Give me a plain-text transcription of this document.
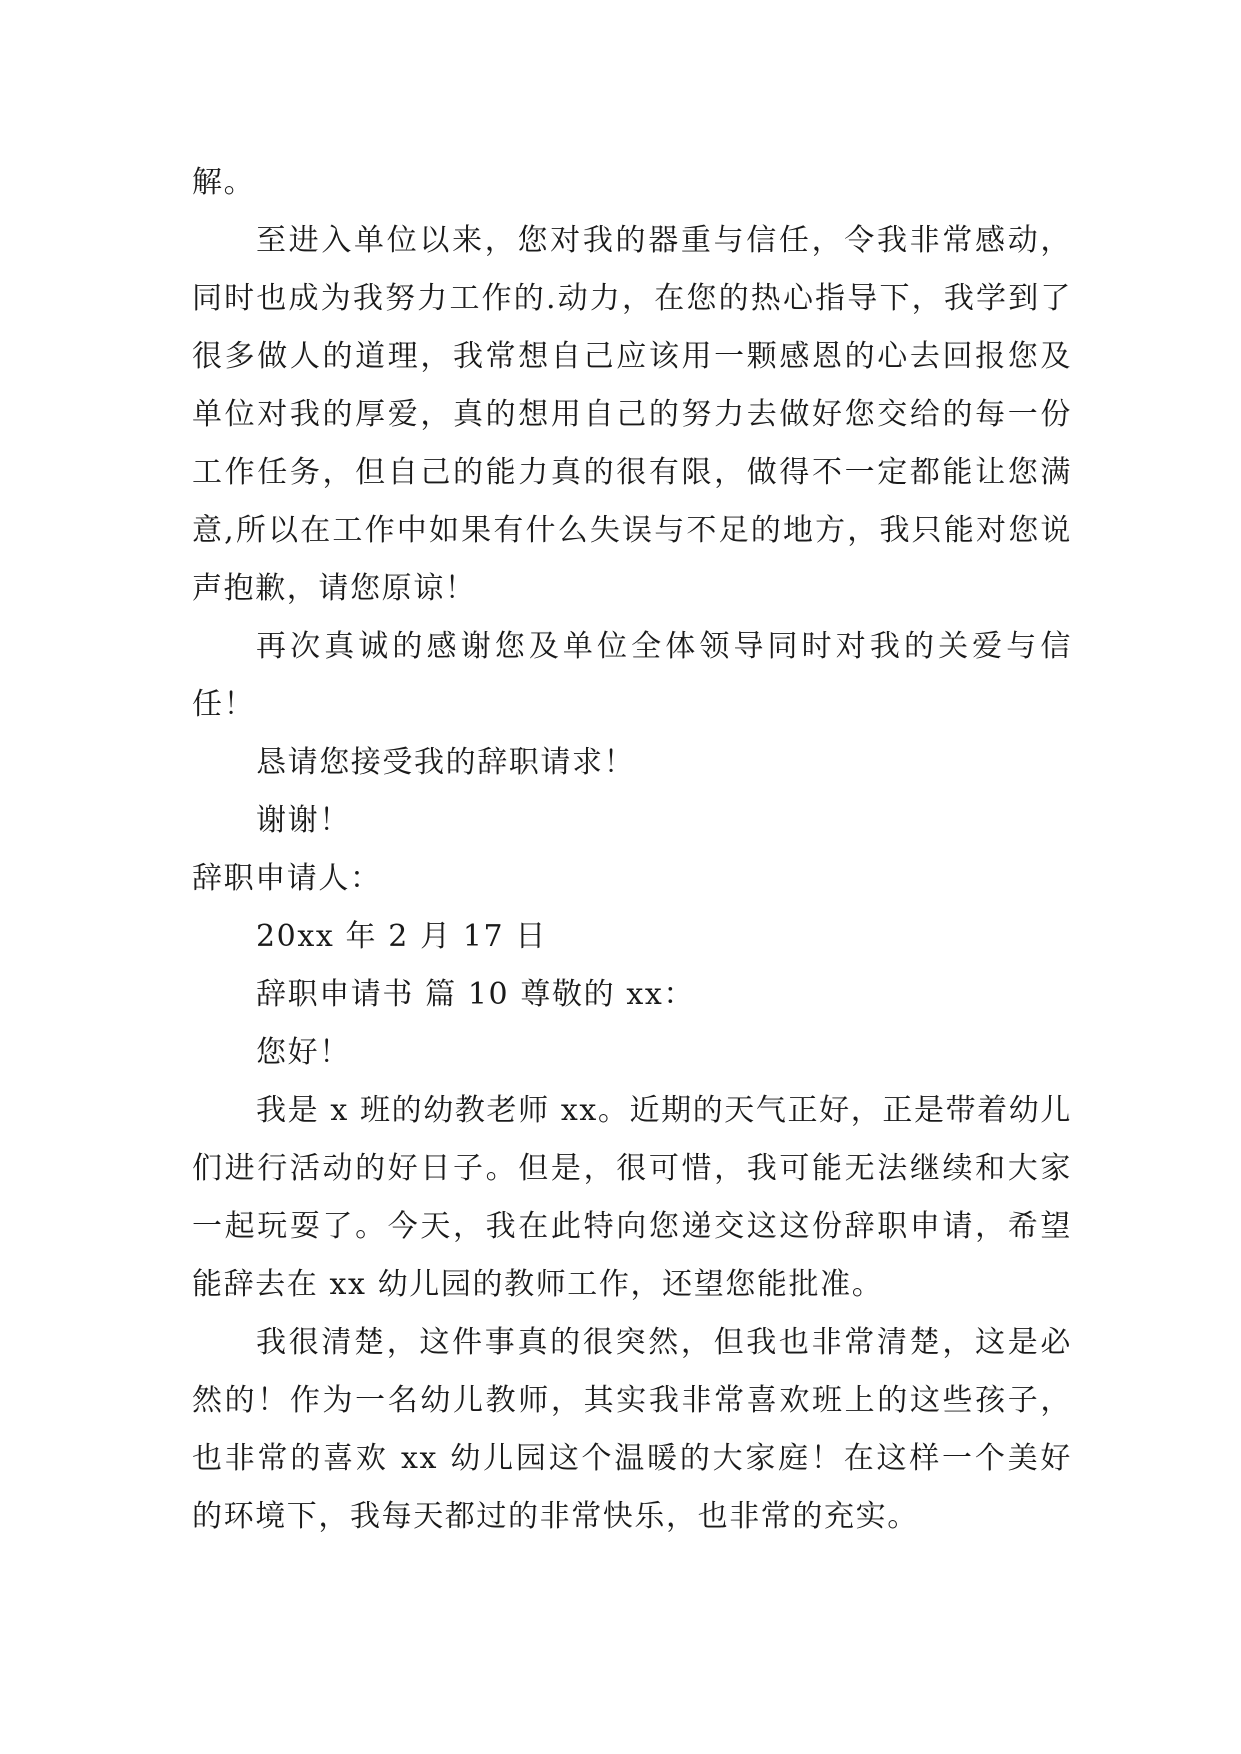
解。

至进入单位以来，您对我的器重与信任，令我非常感动，同时也成为我努力工作的.动力，在您的热心指导下，我学到了很多做人的道理，我常想自己应该用一颗感恩的心去回报您及单位对我的厚爱，真的想用自己的努力去做好您交给的每一份工作任务，但自己的能力真的很有限，做得不一定都能让您满意,所以在工作中如果有什么失误与不足的地方，我只能对您说声抱歉，请您原谅！

再次真诚的感谢您及单位全体领导同时对我的关爱与信任！

恳请您接受我的辞职请求！

谢谢！

辞职申请人：

20xx 年 2 月 17 日

辞职申请书 篇 10 尊敬的 xx：

您好！

我是 x 班的幼教老师 xx。近期的天气正好，正是带着幼儿们进行活动的好日子。但是，很可惜，我可能无法继续和大家一起玩耍了。今天，我在此特向您递交这这份辞职申请，希望能辞去在 xx 幼儿园的教师工作，还望您能批准。

我很清楚，这件事真的很突然，但我也非常清楚，这是必然的！作为一名幼儿教师，其实我非常喜欢班上的这些孩子，也非常的喜欢 xx 幼儿园这个温暖的大家庭！在这样一个美好的环境下，我每天都过的非常快乐，也非常的充实。
